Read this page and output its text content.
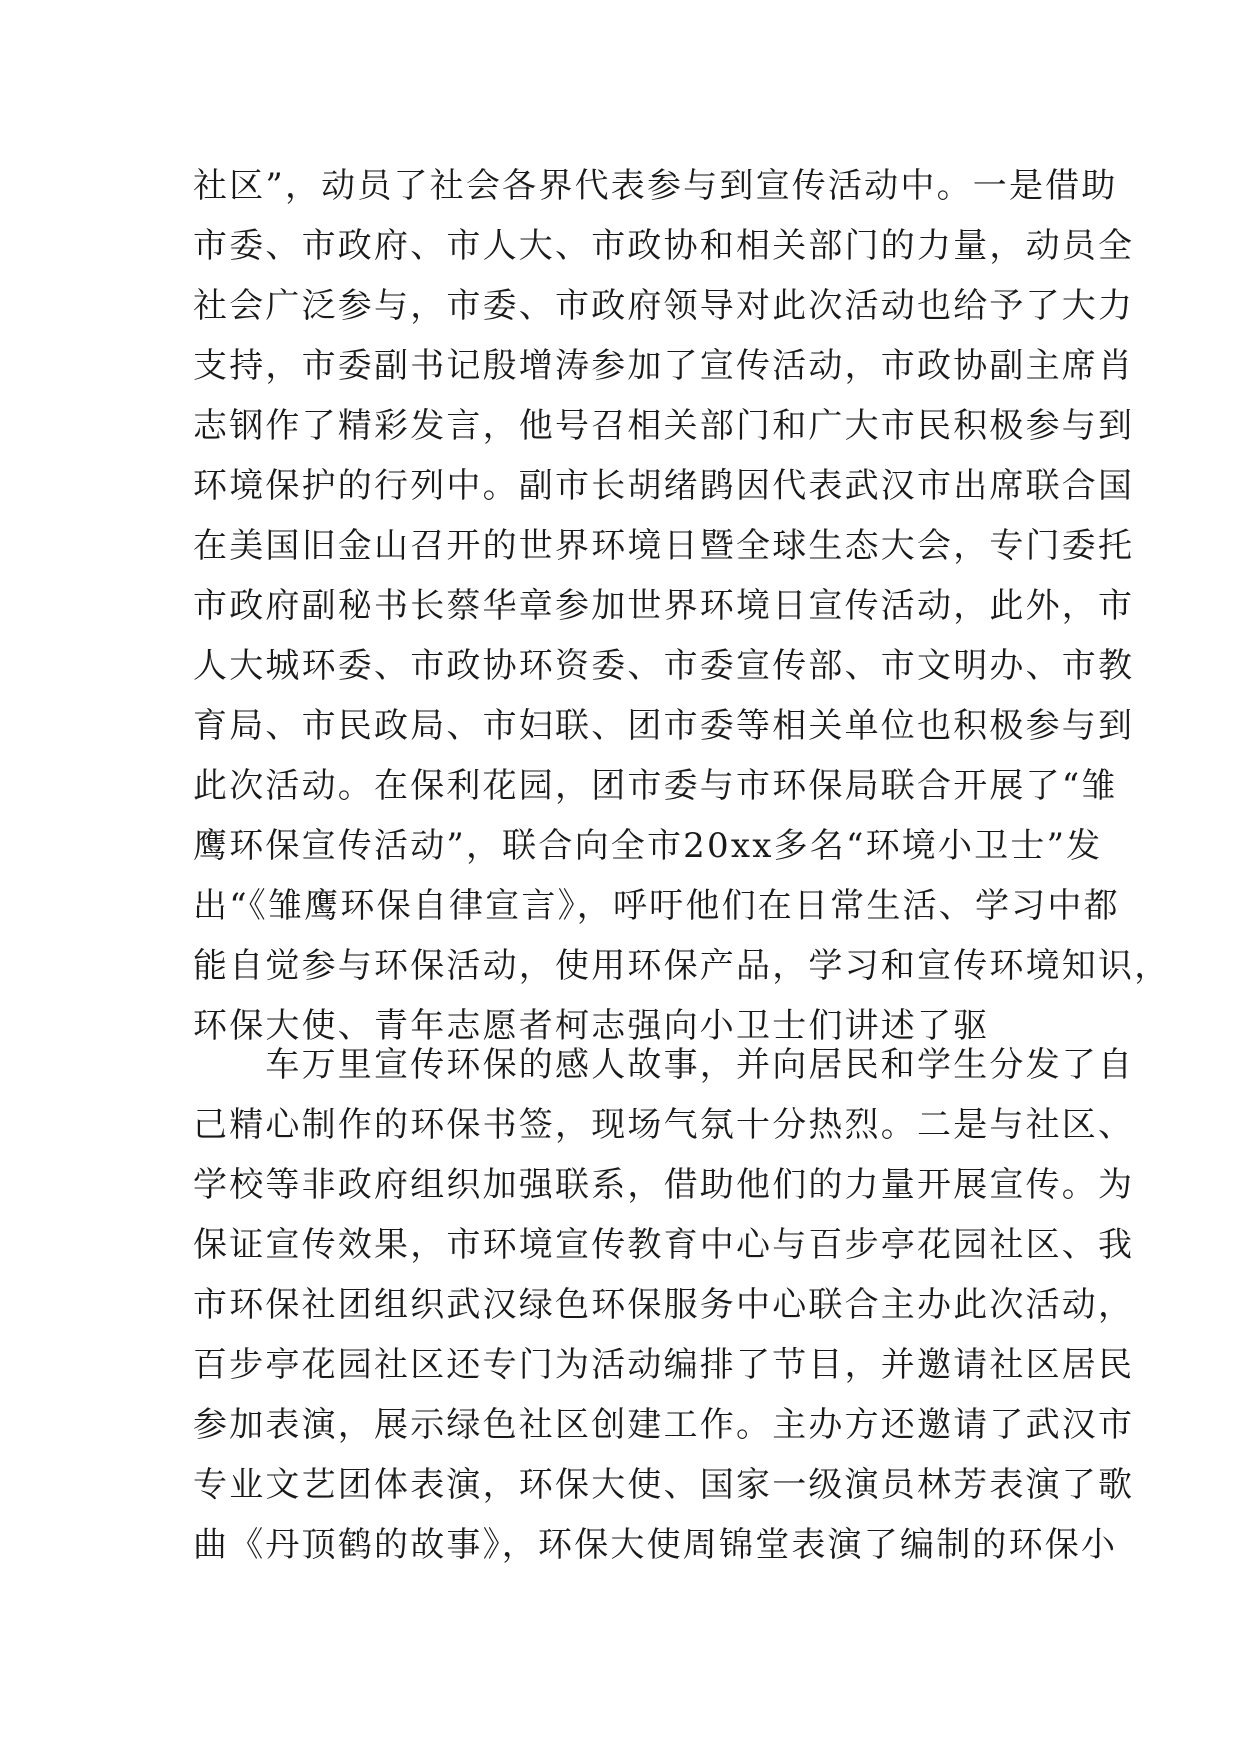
社区”，动员了社会各界代表参与到宣传活动中。一是借助
市委、市政府、市人大、市政协和相关部门的力量，动员全
社会广泛参与，市委、市政府领导对此次活动也给予了大力
支持，市委副书记殷增涛参加了宣传活动，市政协副主席肖
志钢作了精彩发言，他号召相关部门和广大市民积极参与到
环境保护的行列中。副市长胡绪鹍因代表武汉市出席联合国
在美国旧金山召开的世界环境日暨全球生态大会，专门委托
市政府副秘书长蔡华章参加世界环境日宣传活动，此外，市
人大城环委、市政协环资委、市委宣传部、市文明办、市教
育局、市民政局、市妇联、团市委等相关单位也积极参与到
此次活动。在保利花园，团市委与市环保局联合开展了“雏
鹰环保宣传活动”，联合向全市20xx多名“环境小卫士”发
出“《雏鹰环保自律宣言》，呼吁他们在日常生活、学习中都
能自觉参与环保活动，使用环保产品，学习和宣传环境知识，
环保大使、青年志愿者柯志强向小卫士们讲述了驱
　　车万里宣传环保的感人故事，并向居民和学生分发了自
己精心制作的环保书签，现场气氛十分热烈。二是与社区、
学校等非政府组织加强联系，借助他们的力量开展宣传。为
保证宣传效果，市环境宣传教育中心与百步亭花园社区、我
市环保社团组织武汉绿色环保服务中心联合主办此次活动，
百步亭花园社区还专门为活动编排了节目，并邀请社区居民
参加表演，展示绿色社区创建工作。主办方还邀请了武汉市
专业文艺团体表演，环保大使、国家一级演员林芳表演了歌
曲《丹顶鹤的故事》，环保大使周锦堂表演了编制的环保小
